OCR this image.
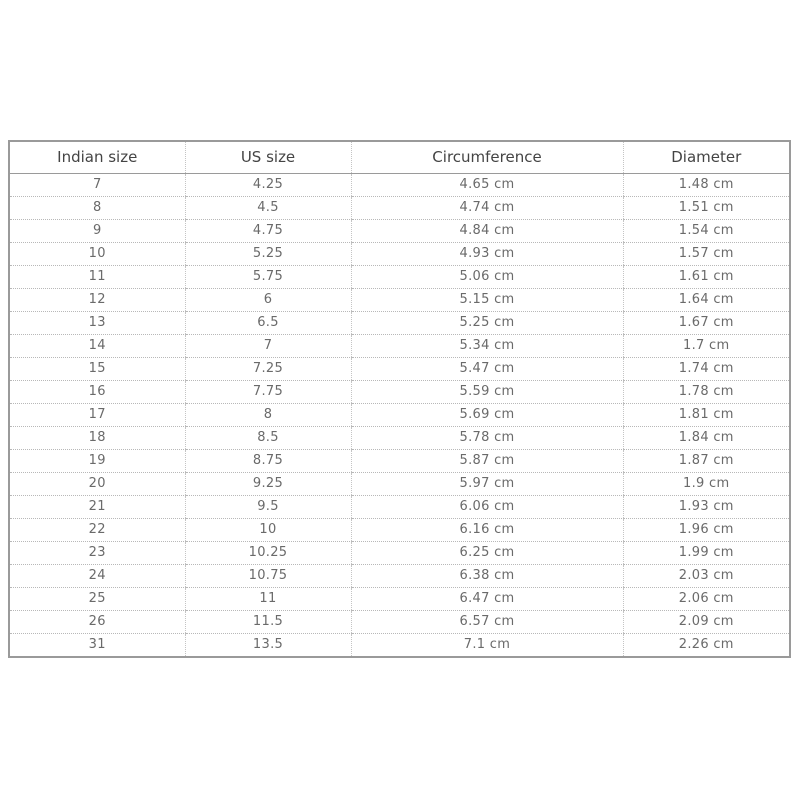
Indian size	US size	Circumference	Diameter
7	4.25	4.65 cm	1.48 cm
8	4.5	4.74 cm	1.51 cm
9	4.75	4.84 cm	1.54 cm
10	5.25	4.93 cm	1.57 cm
11	5.75	5.06 cm	1.61 cm
12	6	5.15 cm	1.64 cm
13	6.5	5.25 cm	1.67 cm
14	7	5.34 cm	1.7 cm
15	7.25	5.47 cm	1.74 cm
16	7.75	5.59 cm	1.78 cm
17	8	5.69 cm	1.81 cm
18	8.5	5.78 cm	1.84 cm
19	8.75	5.87 cm	1.87 cm
20	9.25	5.97 cm	1.9 cm
21	9.5	6.06 cm	1.93 cm
22	10	6.16 cm	1.96 cm
23	10.25	6.25 cm	1.99 cm
24	10.75	6.38 cm	2.03 cm
25	11	6.47 cm	2.06 cm
26	11.5	6.57 cm	2.09 cm
31	13.5	7.1 cm	2.26 cm
